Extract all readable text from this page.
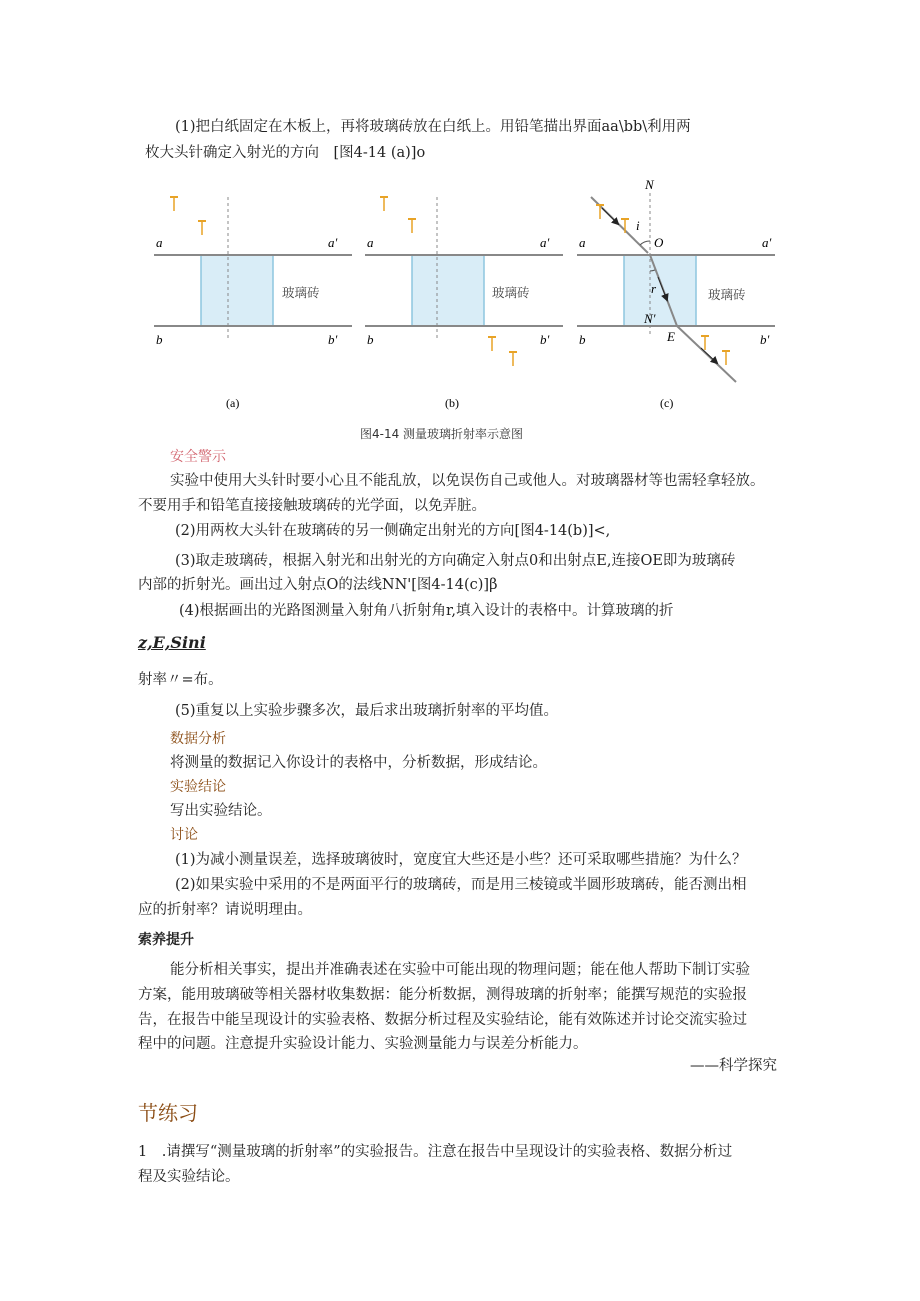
(1)把白纸固定在木板上，再将玻璃砖放在白纸上。用铅笔描出界面aa\bb\利用两
枚大头针确定入射光的方向　[图4-14 (a)]o
a	a′
b	b′
玻璃砖
(a)
a	a′
b	b′
玻璃砖
(b)
N
i
O
r
N′
E
a	a′
b	b′
玻璃砖
(c)
图4-14 测量玻璃折射率示意图
安全警示
实验中使用大头针时要小心且不能乱放，以免误伤自己或他人。对玻璃器材等也需轻拿轻放。
不要用手和铅笔直接接触玻璃砖的光学面，以免弄脏。
(2)用两枚大头针在玻璃砖的另一侧确定出射光的方向[图4-14(b)]<,
(3)取走玻璃砖，根据入射光和出射光的方向确定入射点0和出射点E,连接OE即为玻璃砖
内部的折射光。画出过入射点O的法线NN'[图4-14(c)]β
(4)根据画出的光路图测量入射角八折射角r,填入设计的表格中。计算玻璃的折
z,E,Sini
射率〃=布。
(5)重复以上实验步骤多次，最后求出玻璃折射率的平均值。
数据分析
将测量的数据记入你设计的表格中，分析数据，形成结论。
实验结论
写出实验结论。
讨论
(1)为减小测量误差，选择玻璃彼时，宽度宜大些还是小些？还可采取哪些措施？为什么？
(2)如果实验中采用的不是两面平行的玻璃砖，而是用三棱镜或半圆形玻璃砖，能否测出相
应的折射率？请说明理由。
索养提升
能分析相关事实，提出并准确表述在实验中可能出现的物理问题；能在他人帮助下制订实验
方案，能用玻璃破等相关器材收集数据：能分析数据，测得玻璃的折射率；能撰写规范的实验报
告，在报告中能呈现设计的实验表格、数据分析过程及实验结论，能有效陈述并讨论交流实验过
程中的问题。注意提升实验设计能力、实验测量能力与误差分析能力。
——科学探究
节练习
1　.请撰写“测量玻璃的折射率”的实验报告。注意在报告中呈现设计的实验表格、数据分析过
程及实验结论。
